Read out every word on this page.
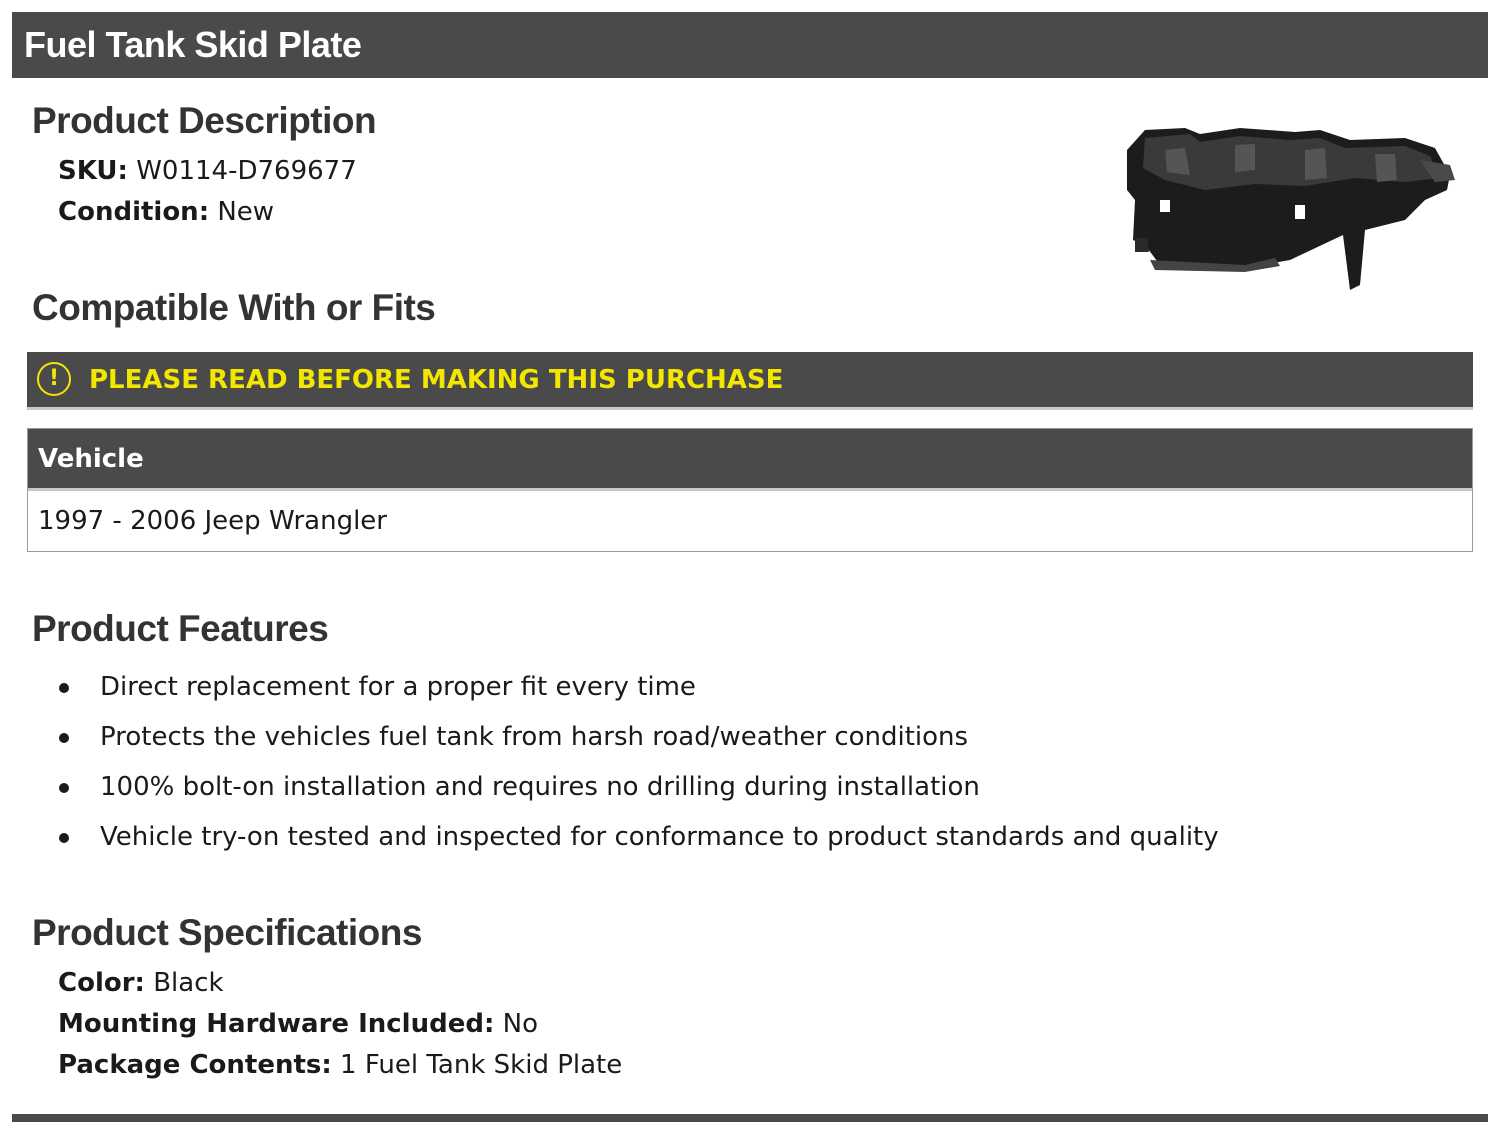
Fuel Tank Skid Plate
Product Description

SKU: W0114-D769677

Condition: New

Compatible With or Fits
!	PLEASE READ BEFORE MAKING THIS PURCHASE
Vehicle
1997 - 2006 Jeep Wrangler
Product Features
Direct replacement for a proper fit every time
Protects the vehicles fuel tank from harsh road/weather conditions
100% bolt-on installation and requires no drilling during installation
Vehicle try-on tested and inspected for conformance to product standards and quality
Product Specifications

Color: Black

Mounting Hardware Included: No

Package Contents: 1 Fuel Tank Skid Plate
